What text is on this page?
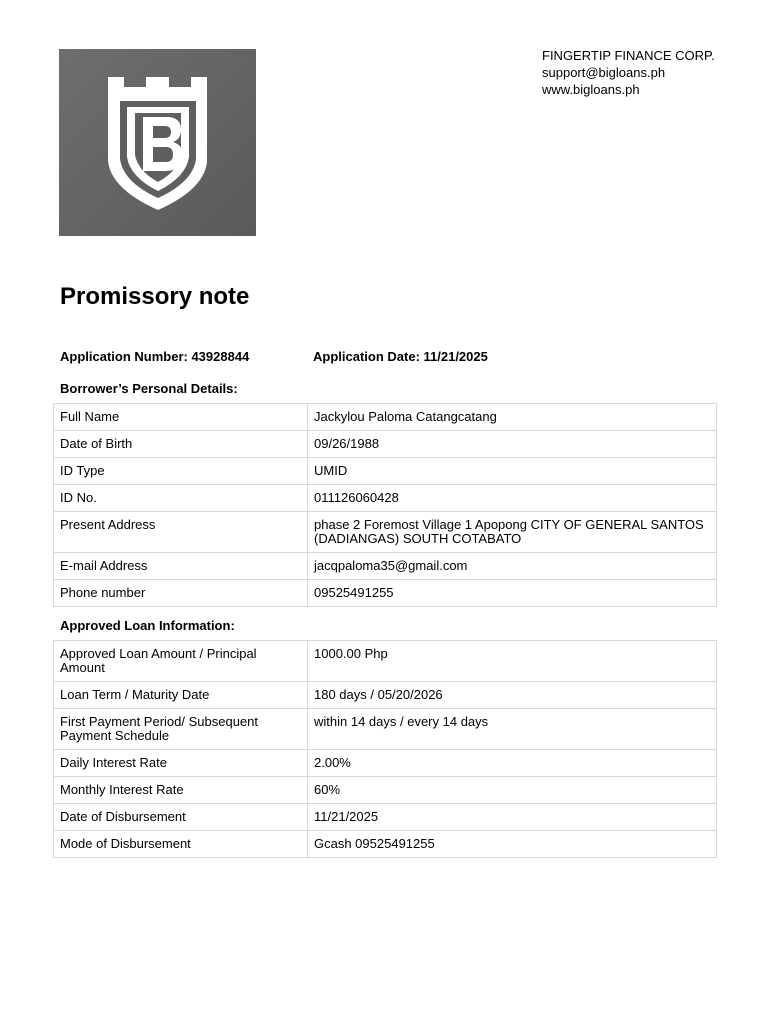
FINGERTIP FINANCE CORP.
support@bigloans.ph
www.bigloans.ph
Promissory note
Application Number: 43928844	Application Date: 11/21/2025
Borrower’s Personal Details:
Full Name	Jackylou Paloma Catangcatang
Date of Birth	09/26/1988
ID Type	UMID
ID No.	011126060428
Present Address	phase 2 Foremost Village 1 Apopong CITY OF GENERAL SANTOS (DADIANGAS) SOUTH COTABATO
E-mail Address	jacqpaloma35@gmail.com
Phone number	09525491255
Approved Loan Information:
Approved Loan Amount / Principal Amount	1000.00 Php
Loan Term / Maturity Date	180 days / 05/20/2026
First Payment Period/ Subsequent Payment Schedule	within 14 days / every 14 days
Daily Interest Rate	2.00%
Monthly Interest Rate	60%
Date of Disbursement	11/21/2025
Mode of Disbursement	Gcash 09525491255
